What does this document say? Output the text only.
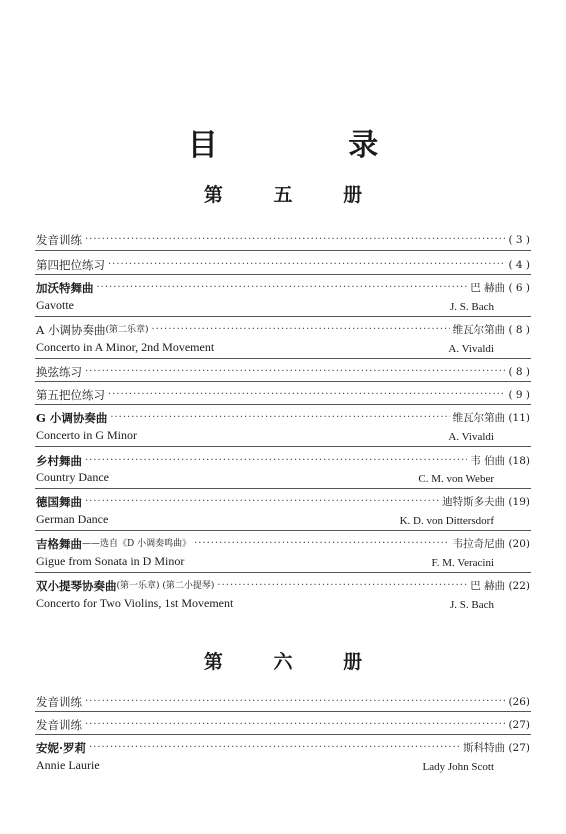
目 录
第 五 册
发音训练 ·····	( 3 )
第四把位练习 ·····	( 4 )
加沃特舞曲 ·····	巴 赫曲 ( 6 )
Gavotte	J. S. Bach
A 小调协奏曲 (第二乐章) ·····	维瓦尔第曲 ( 8 )
Concerto in A Minor, 2nd Movement	A. Vivaldi
换弦练习 ·····	( 8 )
第五把位练习 ·····	( 9 )
G 小调协奏曲 ·····	维瓦尔第曲 (11)
Concerto in G Minor	A. Vivaldi
乡村舞曲 ·····	韦 伯曲 (18)
Country Dance	C. M. von Weber
德国舞曲 ·····	迪特斯多夫曲 (19)
German Dance	K. D. von Dittersdorf
吉格舞曲 ——选自《D 小调奏鸣曲》 ·····	韦拉奇尼曲 (20)
Gigue from Sonata in D Minor	F. M. Veracini
双小提琴协奏曲 (第一乐章) (第二小提琴) ·····	巴 赫曲 (22)
Concerto for Two Violins, 1st Movement	J. S. Bach
第 六 册
发音训练 ·····	(26)
发音训练 ·····	(27)
安妮·罗莉 ·····	斯科特曲 (27)
Annie Laurie	Lady John Scott
